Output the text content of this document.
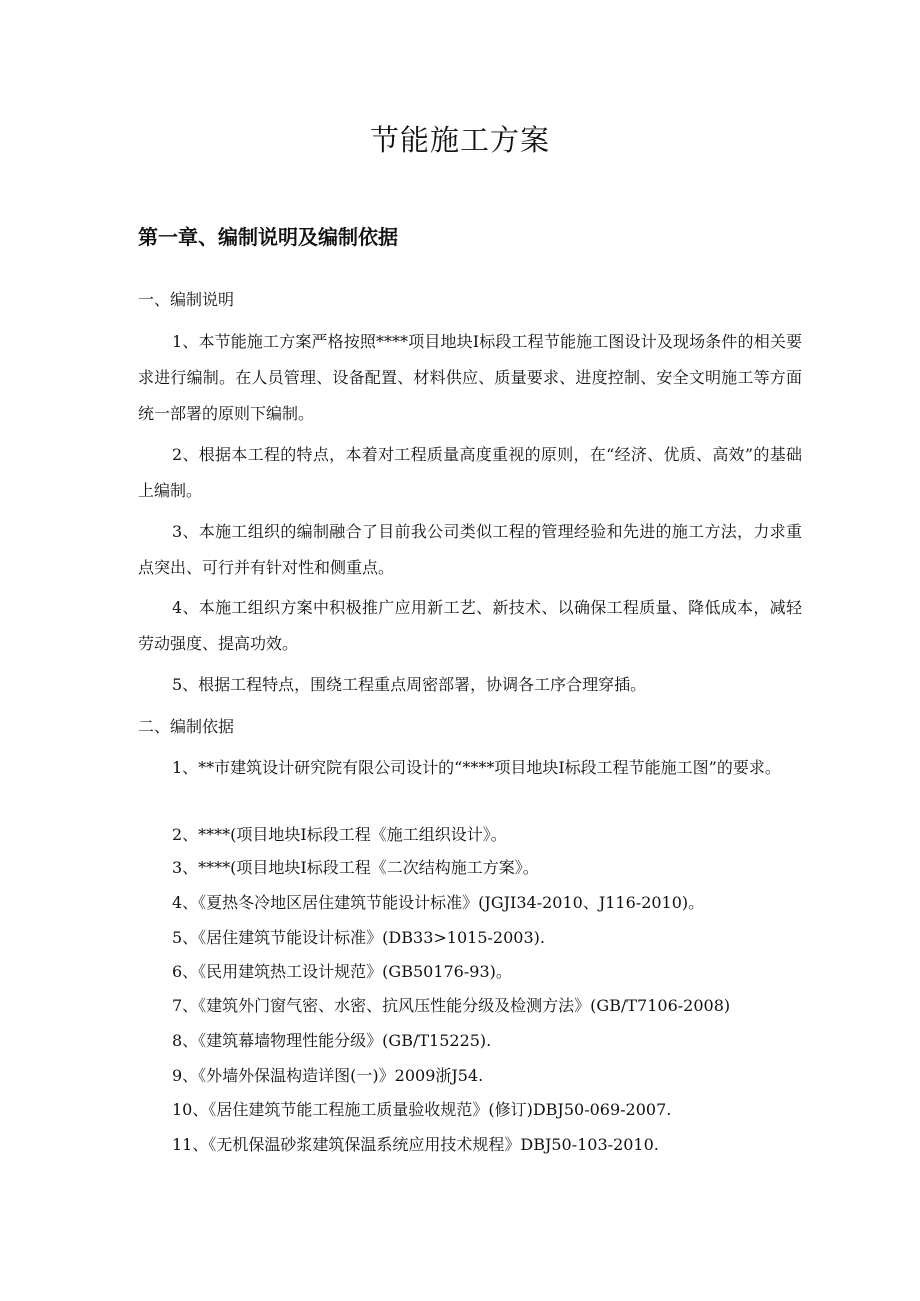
节能施工方案
第一章、编制说明及编制依据
一、编制说明
1、本节能施工方案严格按照****项目地块Ⅰ标段工程节能施工图设计及现场条件的相关要求进行编制。在人员管理、设备配置、材料供应、质量要求、进度控制、安全文明施工等方面统一部署的原则下编制。
2、根据本工程的特点，本着对工程质量高度重视的原则，在“经济、优质、高效”的基础上编制。
3、本施工组织的编制融合了目前我公司类似工程的管理经验和先进的施工方法，力求重点突出、可行并有针对性和侧重点。
4、本施工组织方案中积极推广应用新工艺、新技术、以确保工程质量、降低成本，减轻劳动强度、提高功效。
5、根据工程特点，围绕工程重点周密部署，协调各工序合理穿插。
二、编制依据
1、**市建筑设计研究院有限公司设计的“****项目地块Ⅰ标段工程节能施工图”的要求。
2、****(项目地块Ⅰ标段工程《施工组织设计》。
3、****(项目地块Ⅰ标段工程《二次结构施工方案》。
4、《夏热冬冷地区居住建筑节能设计标准》(JGJI34-2010、J116-2010)。
5、《居住建筑节能设计标准》(DB33>1015-2003).
6、《民用建筑热工设计规范》(GB50176-93)。
7、《建筑外门窗气密、水密、抗风压性能分级及检测方法》(GB/T7106-2008)
8、《建筑幕墙物理性能分级》(GB/T15225).
9、《外墙外保温构造详图(一)》2009浙J54.
10、《居住建筑节能工程施工质量验收规范》(修订)DBJ50-069-2007.
11、《无机保温砂浆建筑保温系统应用技术规程》DBJ50-103-2010.
